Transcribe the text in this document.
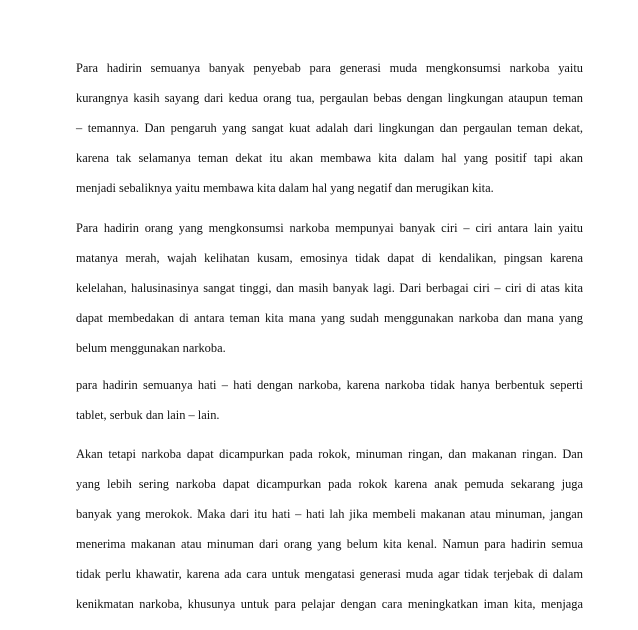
Para hadirin semuanya banyak penyebab para generasi muda mengkonsumsi narkoba yaitu
kurangnya kasih sayang dari kedua orang tua, pergaulan bebas dengan lingkungan ataupun teman
– temannya. Dan pengaruh yang sangat kuat adalah dari lingkungan dan pergaulan teman dekat,
karena tak selamanya teman dekat itu akan membawa kita dalam hal yang positif tapi akan
menjadi sebaliknya yaitu membawa kita dalam hal yang negatif dan merugikan kita.
Para hadirin orang yang mengkonsumsi narkoba mempunyai banyak ciri – ciri antara lain yaitu
matanya merah, wajah kelihatan kusam, emosinya tidak dapat di kendalikan, pingsan karena
kelelahan, halusinasinya sangat tinggi, dan masih banyak lagi. Dari berbagai ciri – ciri di atas kita
dapat membedakan di antara teman kita mana yang sudah menggunakan narkoba dan mana yang
belum menggunakan narkoba.
para hadirin semuanya hati – hati dengan narkoba, karena narkoba tidak hanya berbentuk seperti
tablet, serbuk dan lain – lain.
Akan tetapi narkoba dapat dicampurkan pada rokok, minuman ringan, dan makanan ringan. Dan
yang lebih sering narkoba dapat dicampurkan pada rokok karena anak pemuda sekarang juga
banyak yang merokok. Maka dari itu hati – hati lah jika membeli makanan atau minuman, jangan
menerima makanan atau minuman dari orang yang belum kita kenal. Namun para hadirin semua
tidak perlu khawatir, karena ada cara untuk mengatasi generasi muda agar tidak terjebak di dalam
kenikmatan narkoba, khusunya untuk para pelajar dengan cara meningkatkan iman kita, menjaga
